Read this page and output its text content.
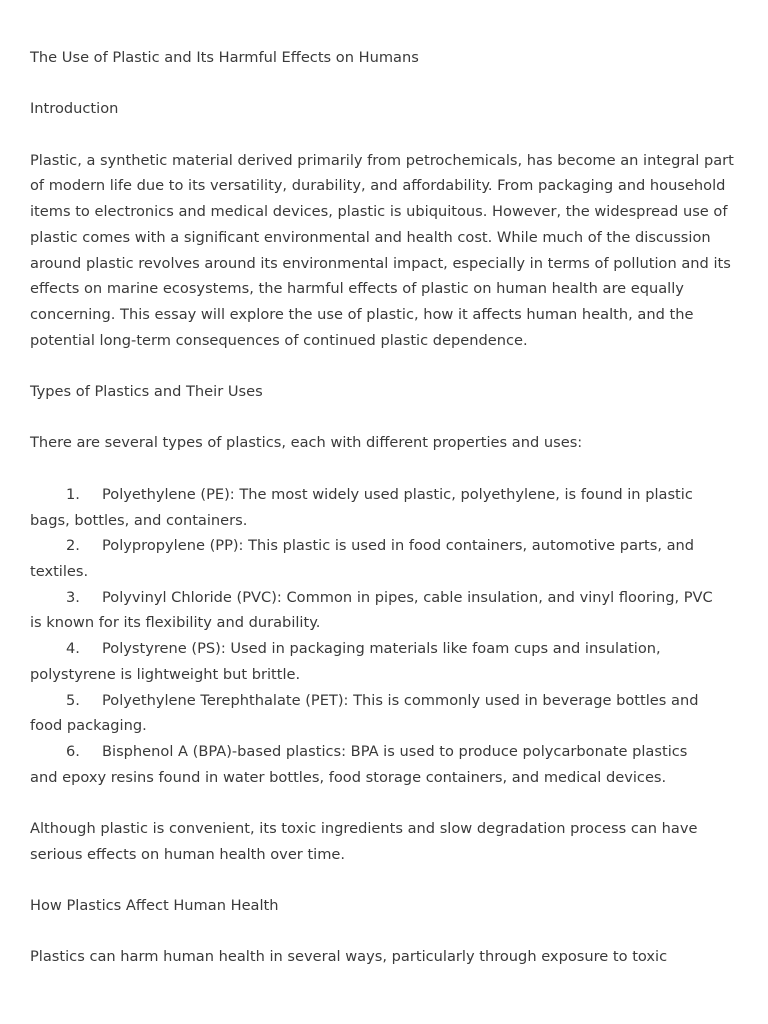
The Use of Plastic and Its Harmful Effects on Humans

Introduction

Plastic, a synthetic material derived primarily from petrochemicals, has become an integral part of modern life due to its versatility, durability, and affordability. From packaging and household items to electronics and medical devices, plastic is ubiquitous. However, the widespread use of plastic comes with a significant environmental and health cost. While much of the discussion around plastic revolves around its environmental impact, especially in terms of pollution and its effects on marine ecosystems, the harmful effects of plastic on human health are equally concerning. This essay will explore the use of plastic, how it affects human health, and the potential long-term consequences of continued plastic dependence.

Types of Plastics and Their Uses

There are several types of plastics, each with different properties and uses:

1. Polyethylene (PE): The most widely used plastic, polyethylene, is found in plastic
bags, bottles, and containers.

2. Polypropylene (PP): This plastic is used in food containers, automotive parts, and
textiles.

3. Polyvinyl Chloride (PVC): Common in pipes, cable insulation, and vinyl flooring, PVC
is known for its flexibility and durability.

4. Polystyrene (PS): Used in packaging materials like foam cups and insulation,
polystyrene is lightweight but brittle.

5. Polyethylene Terephthalate (PET): This is commonly used in beverage bottles and
food packaging.

6. Bisphenol A (BPA)-based plastics: BPA is used to produce polycarbonate plastics
and epoxy resins found in water bottles, food storage containers, and medical devices.

Although plastic is convenient, its toxic ingredients and slow degradation process can have serious effects on human health over time.

How Plastics Affect Human Health

Plastics can harm human health in several ways, particularly through exposure to toxic
